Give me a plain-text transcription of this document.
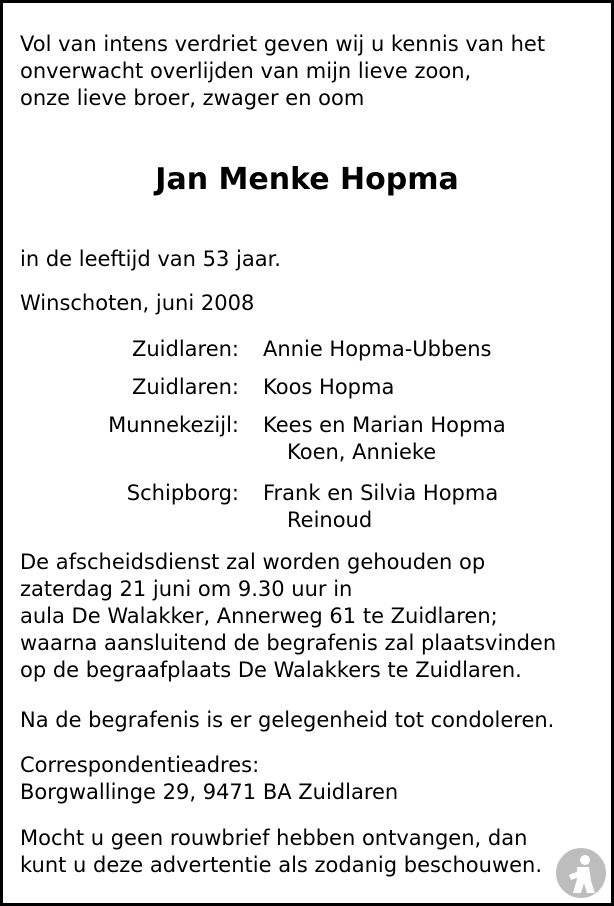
Vol van intens verdriet geven wij u kennis van het
onverwacht overlijden van mijn lieve zoon,
onze lieve broer, zwager en oom
Jan Menke Hopma
in de leeftijd van 53 jaar.
Winschoten, juni 2008
Zuidlaren: Annie Hopma-Ubbens
Zuidlaren: Koos Hopma
Munnekezijl: Kees en Marian Hopma
Koen, Annieke
Schipborg: Frank en Silvia Hopma
Reinoud
De afscheidsdienst zal worden gehouden op
zaterdag 21 juni om 9.30 uur in
aula De Walakker, Annerweg 61 te Zuidlaren;
waarna aansluitend de begrafenis zal plaatsvinden
op de begraafplaats De Walakkers te Zuidlaren.
Na de begrafenis is er gelegenheid tot condoleren.
Correspondentieadres:
Borgwallinge 29, 9471 BA Zuidlaren
Mocht u geen rouwbrief hebben ontvangen, dan
kunt u deze advertentie als zodanig beschouwen.
